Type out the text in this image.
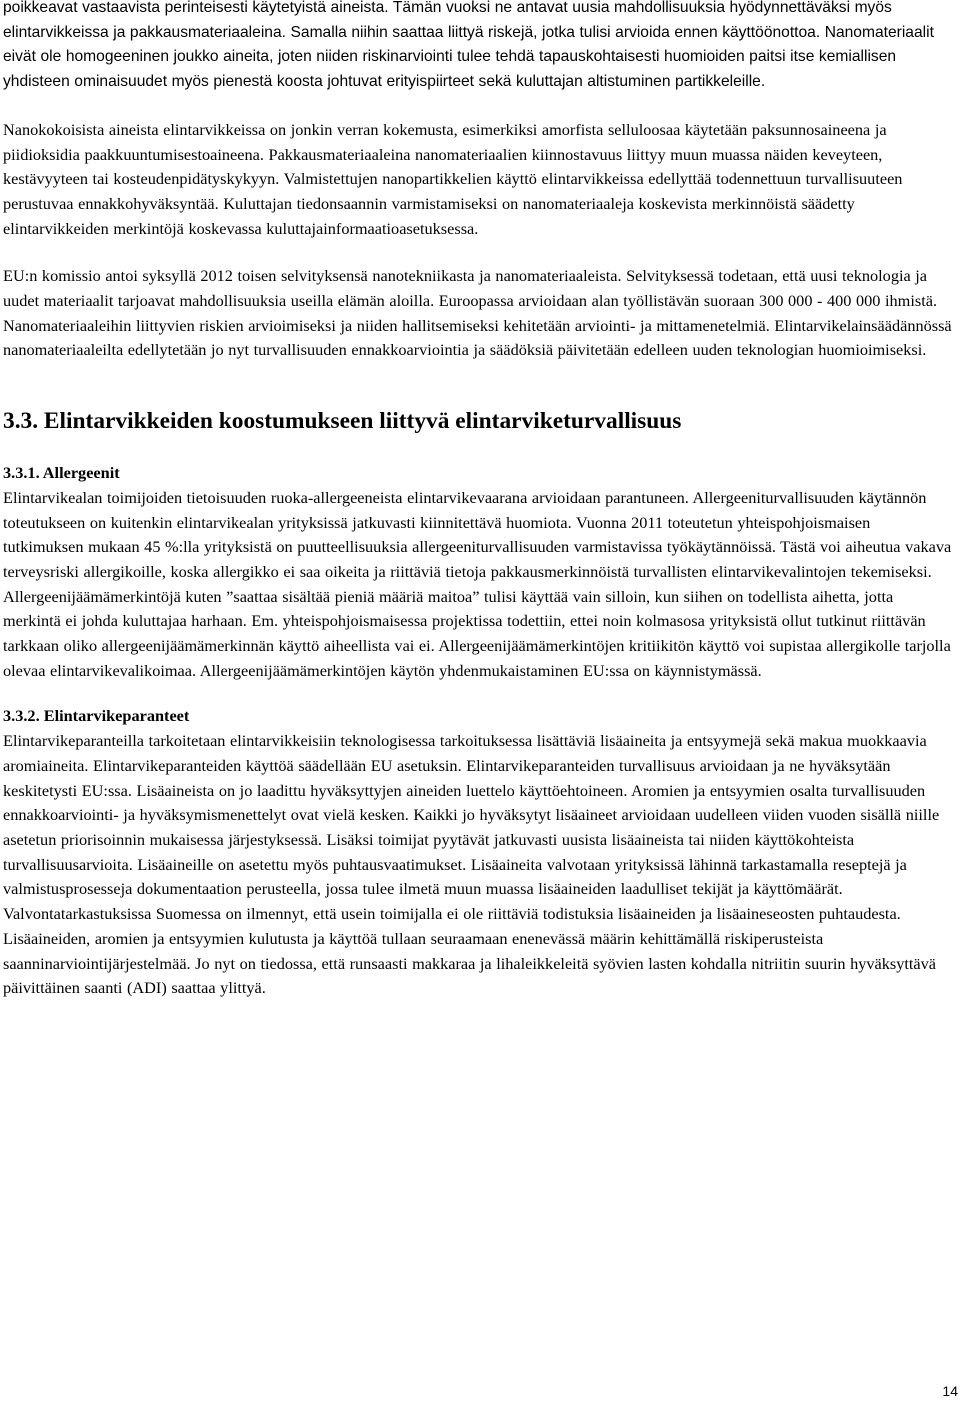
poikkeavat vastaavista perinteisesti käytetyistä aineista. Tämän vuoksi ne antavat uusia mahdollisuuksia hyödynnettäväksi myös elintarvikkeissa ja pakkausmateriaaleina. Samalla niihin saattaa liittyä riskejä, jotka tulisi arvioida ennen käyttöönottoa. Nanomateriaalit eivät ole homogeeninen joukko aineita, joten niiden riskinarviointi tulee tehdä tapauskohtaisesti huomioiden paitsi itse kemiallisen yhdisteen ominaisuudet myös pienestä koosta johtuvat erityispiirteet sekä kuluttajan altistuminen partikkeleille.

Nanokokoisista aineista elintarvikkeissa on jonkin verran kokemusta, esimerkiksi amorfista selluloosaa käytetään paksunnosaineena ja piidioksidia paakkuuntumisestoaineena. Pakkausmateriaaleina nanomateriaalien kiinnostavuus liittyy muun muassa näiden keveyteen, kestävyyteen tai kosteudenpidätyskykyyn. Valmistettujen nanopartikkelien käyttö elintarvikkeissa edellyttää todennettuun turvallisuuteen perustuvaa ennakkohyväksyntää. Kuluttajan tiedonsaannin varmistamiseksi on nanomateriaaleja koskevista merkinnöistä säädetty elintarvikkeiden merkintöjä koskevassa kuluttajainformaatioasetuksessa.

EU:n komissio antoi syksyllä 2012 toisen selvityksensä nanotekniikasta ja nanomateriaaleista. Selvityksessä todetaan, että uusi teknologia ja uudet materiaalit tarjoavat mahdollisuuksia useilla elämän aloilla. Euroopassa arvioidaan alan työllistävän suoraan 300 000 - 400 000 ihmistä. Nanomateriaaleihin liittyvien riskien arvioimiseksi ja niiden hallitsemiseksi kehitetään arviointi- ja mittamenetelmiä. Elintarvikelainsäädännössä nanomateriaaleilta edellytetään jo nyt turvallisuuden ennakkoarviointia ja säädöksiä päivitetään edelleen uuden teknologian huomioimiseksi.

3.3. Elintarvikkeiden koostumukseen liittyvä elintarviketurvallisuus
3.3.1. Allergeenit

Elintarvikealan toimijoiden tietoisuuden ruoka-allergeeneista elintarvikevaarana arvioidaan parantuneen. Allergeeniturvallisuuden käytännön toteutukseen on kuitenkin elintarvikealan yrityksissä jatkuvasti kiinnitettävä huomiota. Vuonna 2011 toteutetun yhteispohjoismaisen tutkimuksen mukaan 45 %:lla yrityksistä on puutteellisuuksia allergeeniturvallisuuden varmistavissa työkäytännöissä. Tästä voi aiheutua vakava terveysriski allergikoille, koska allergikko ei saa oikeita ja riittäviä tietoja pakkausmerkinnöistä turvallisten elintarvikevalintojen tekemiseksi. Allergeenijäämämerkintöjä kuten ”saattaa sisältää pieniä määriä maitoa” tulisi käyttää vain silloin, kun siihen on todellista aihetta, jotta merkintä ei johda kuluttajaa harhaan. Em. yhteispohjoismaisessa projektissa todettiin, ettei noin kolmasosa yrityksistä ollut tutkinut riittävän tarkkaan oliko allergeenijäämämerkinnän käyttö aiheellista vai ei. Allergeenijäämämerkintöjen kritiikitön käyttö voi supistaa allergikolle tarjolla olevaa elintarvikevalikoimaa. Allergeenijäämämerkintöjen käytön yhdenmukaistaminen EU:ssa on käynnistymässä.

3.3.2. Elintarvikeparanteet

Elintarvikeparanteilla tarkoitetaan elintarvikkeisiin teknologisessa tarkoituksessa lisättäviä lisäaineita ja entsyymejä sekä makua muokkaavia aromiaineita. Elintarvikeparanteiden käyttöä säädellään EU asetuksin. Elintarvikeparanteiden turvallisuus arvioidaan ja ne hyväksytään keskitetysti EU:ssa. Lisäaineista on jo laadittu hyväksyttyjen aineiden luettelo käyttöehtoineen. Aromien ja entsyymien osalta turvallisuuden ennakkoarviointi- ja hyväksymismenettelyt ovat vielä kesken. Kaikki jo hyväksytyt lisäaineet arvioidaan uudelleen viiden vuoden sisällä niille asetetun priorisoinnin mukaisessa järjestyksessä. Lisäksi toimijat pyytävät jatkuvasti uusista lisäaineista tai niiden käyttökohteista turvallisuusarvioita. Lisäaineille on asetettu myös puhtausvaatimukset. Lisäaineita valvotaan yrityksissä lähinnä tarkastamalla reseptejä ja valmistusprosesseja dokumentaation perusteella, jossa tulee ilmetä muun muassa lisäaineiden laadulliset tekijät ja käyttömäärät. Valvontatarkastuksissa Suomessa on ilmennyt, että usein toimijalla ei ole riittäviä todistuksia lisäaineiden ja lisäaineseosten puhtaudesta. Lisäaineiden, aromien ja entsyymien kulutusta ja käyttöä tullaan seuraamaan enenevässä määrin kehittämällä riskiperusteista saanninarviointijärjestelmää. Jo nyt on tiedossa, että runsaasti makkaraa ja lihaleikkeleitä syövien lasten kohdalla nitriitin suurin hyväksyttävä päivittäinen saanti (ADI) saattaa ylittyä.

14
